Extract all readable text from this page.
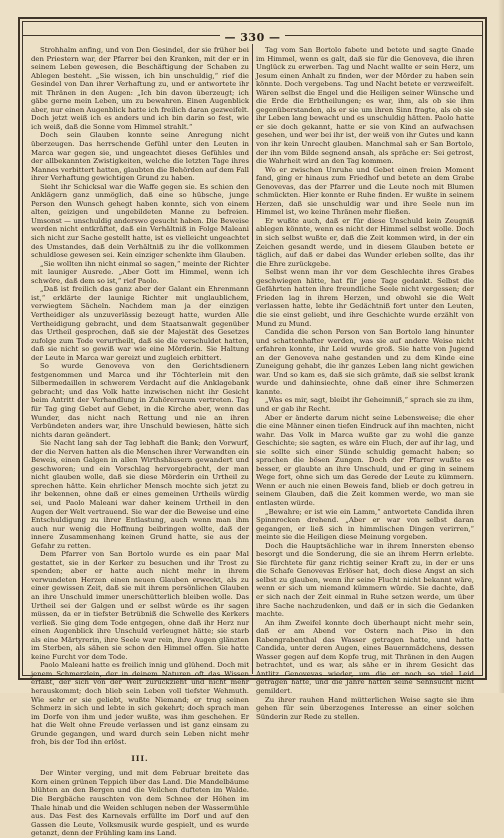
— 330 —

Strohhalm anfing, und von Den Gesindel, der sie früher bei den Priestern war, der Pfarrer bei den Kranken, mit der er in seinem Leben gewesen, die Beschäftigung der Schaben zu Ablegen besteht. „Sie wissen, ich bin unschuldig,“ rief die Gesindel von Dan ihrer Verhaftung zu, und er antwortete ihr mit Thränen in den Augen: „Ich bin davon überzeugt; ich gäbe gerne mein Leben, um zu bewahren. Einen Augenblick aber, nur einen Augenblick hatte ich freilich daran gezweifelt. Doch jetzt weiß ich es anders und ich bin darin so fest, wie ich weiß, daß die Sonne vom Himmel strahlt.“

Doch sein Glauben konnte seine Anregung nicht überzeugen. Das herrschende Gefühl unter den Leuten in Marca war gegen sie, und ungeachtet dieses Gefühles und der allbekannten Zwistigkeiten, welche die letzten Tage ihres Mannes verbittert hatten, glaubten die Behörden auf dem Fall ihrer Verhaftung gewichtigen Grund zu haben.

Sieht ihr Schicksal war die Waffe gegen sie. Es schien den Anklägern ganz unmöglich, daß eine so hübsche, junge Person den Wunsch gehegt haben konnte, sich von einem alten, geizigen und ungebildeten Manne zu befreien. Umsonst — unschuldig anderswo gesucht haben. Die Beweise werden nicht entkräftet, daß ein Verhältniß in Folge Maleani sich nicht zur Sache gestellt hatte, ist es vielleicht ungeachtet des Umstandes, daß dein Verhältniß zu ihr die vollkommen schuldlose gewesen sei. Kein einziger schenkte ihm Glauben.

„Sie wollten ihn nicht einmal so sagen,“ meinte der Richter mit launiger Ausrede. „Aber Gott im Himmel, wenn ich schwöre, daß dem so ist,“ rief Paolo.

„Daß ist freilich das ganz aber der Galant ein Ehrenmann ist,“ erklärte der launige Richter mit unglaublichem, verwiegtem Sächeln. Nachdem man ja der einzigen Vertheidiger als unzuverlässig bezeugt hatte, wurden Alle Vertheidigung gebracht, und dem Staatsanwalt gegenüber das Urtheil gesprochen, daß sie der Majestät des Gesetzes zufolge zum Tode verurtheilt, daß sie die verschuldet hatten, daß sie nicht so gewiß war wie eine Mörderin. Sie Haltung der Leute in Marca war gereizt und zugleich erbittert.

So wurde Genoveva von den Gerichtsdienern festgenommen und Marca und ihr Töchterlein mit den Silbermedaillen in schwerem Verdacht auf die Anklagebank gebracht; und das Volk hatte inzwischen nicht ihr Gesicht beim Antritt der Verhandlung in Zuhörerraum vertreten. Tag für Tag ging Gebet auf Gebet, in die Kirche aber, wenn das Wunder, das nicht nach Rettung und nie an ihren Verbündeten anders war, ihre Unschuld bewiesen, hätte sich nichts daran geändert.

Sie Nacht lang sah der Tag lebhaft die Bank; den Vorwurf, der die Nerven hatten als die Menschen ihrer Verwandten ein Beweis, einen Galgen in allen Wirthshäusern gewandert und geschworen; und ein Vorschlag hervorgebracht, der man nicht glauben wolle, daß sie diese Mörderin ein Urtheil zu sprechen hätte. Kein ehrlicher Mensch mochte sich jetzt zu ihr bekennen, ohne daß er eines gemeinen Urtheils würdig sei, und Paolo Maleani war daher keinem Urtheil in den Augen der Welt vertrauend. Sie war der die Beweise und eine Entschuldigung zu ihrer Entlastung, auch wenn man ihm auch nur wenig die Hoffnung beibringen wollte, daß der innere Zusammenhang keinen Grund hatte, sie aus der Gefahr zu retten.

Dem Pfarrer von San Bortolo wurde es ein paar Mal gestattet, sie in der Kerker zu besuchen und ihr Trost zu spenden; aber er hatte auch nicht mehr in ihrem verwundeten Herzen einen neuen Glauben erweckt, als zu einer gewissen Zeit, daß sie mit ihrem persönlichen Glauben an ihre Unschuld immer unerschütterlich bleiben wolle. Das Urtheil sei der Galgen und er selbst würde es ihr sagen müssen, da er in tiefster Betrübniß die Schwelle des Kerkers verließ. Sie ging dem Tode entgegen, ohne daß ihr Herz nur einen Augenblick ihre Unschuld verleugnet hätte; sie starb als eine Märtyrerin, ihre Seele war rein, ihre Augen glänzten im Sterben, als sähen sie schon den Himmel offen. Sie hatte keine Furcht vor dem Tode.

Paolo Maleani hatte es freilich innig und glühend. Doch mit jenem Schmerzlein, der in deinem Naturen oft das Wissen erfaßt, der sich von der Welt zurückzieht und nicht mehr herauskommt; doch blieb sein Leben voll tiefster Wehmuth. Wie sehr er sie geliebt, wußte Niemand; er trug seinen Schmerz in sich und lebte in sich gekehrt; doch sprach man im Dorfe von ihm und jeder wußte, was ihm geschehen. Er hat die Welt ohne Freude verlassen und ist ganz einsam zu Grunde gegangen, und ward durch sein Leben nicht mehr froh, bis der Tod ihn erlöst.

III.

Der Winter verging, und mit dem Februar breitete das Korn einen grünen Teppich über das Land. Die Mandelbäume blühten an den Bergen und die Veilchen dufteten im Walde. Die Bergbäche rauschten von dem Schnee der Höhen im Thale hinab und die Weiden schlugen neben der Wassermühle aus. Das Fest des Karnevals erfüllte im Dorf und auf den Gassen die Leute, Volksmusik wurde gespielt, und es wurde getanzt, denn der Frühling kam ins Land.

Tag vom San Bortolo fabete und betete und sagte Gnade im Himmel, wenn es galt, daß sie für die Genoveva, die ihren Unglück zu erwerben. Tag und Nacht wallte er sein Herz, um Jesum einen Anhalt zu finden, wer der Mörder zu haben sein könnte. Doch vergebens. Tag und Nacht betete er verzweifelt. Wären selbst die Engel und die Heiligen seiner Wünsche und die Erde die Erbtheilungen; es war, ihm, als ob sie ihm gegenüberstanden, als er sie um ihren Sinn fragte, als ob sie ihr Leben lang bewacht und es unschuldig hätten. Paolo hatte er sie doch gekannt, hatte er sie von Kind an aufwachsen gesehen, und wer bei ihr ist, der weiß von ihr Gutes und kann von ihr kein Unrecht glauben. Manchmal sah er San Bortolo, der ihn vom Bilde segnend ansah, als spräche er: Sei getrost, die Wahrheit wird an den Tag kommen.

Wo er zwischen Unruhe und Gebet einen freien Moment fand, ging er hinaus zum Friedhof und betete an dem Grabe Genovevas, das der Pfarrer und die Leute noch mit Blumen schmückten. Hier konnte er Ruhe finden. Er wußte in seinem Herzen, daß sie unschuldig war und ihre Seele nun im Himmel ist, wo keine Thränen mehr fließen.

Er wußte auch, daß er für diese Unschuld kein Zeugniß ablegen könnte, wenn es nicht der Himmel selbst wolle. Doch in sich selbst wußte er, daß die Zeit kommen wird, in der ein Zeichen gesandt werde, und in diesem Glauben betete er täglich, auf daß er dabei das Wunder erleben sollte, das ihr die Ehre zurückgebe.

Selbst wenn man ihr vor dem Geschlechte ihres Grabes geschwiegen hätte, hat für jene Tage gedankt. Selbst die Gefährten hatten ihre freundliche Seele nicht vergessen; der Frieden lag in ihrem Herzen, und obwohl sie die Welt verlassen hatte, lebte ihr Gedächtniß fort unter den Leuten, die sie einst geliebt, und ihre Geschichte wurde erzählt von Mund zu Mund.

Candida die schon Person von San Bortolo lang hinunter und schattenhafter werden, was sie auf andere Weise nicht erfahren konnte, ihr Leid wurde groß. Sie hatte von Jugend an der Genoveva nahe gestanden und zu dem Kinde eine Zuneigung gehabt, die ihr ganzes Leben lang nicht gewichen war. Und so kam es, daß sie sich grämte, daß sie selbst krank wurde und dahinsiechte, ohne daß einer ihre Schmerzen kannte.

„Was es mir, sagt, bleibt ihr Geheimniß,“ sprach sie zu ihm, und er gab ihr Recht.

Aber er änderte darum nicht seine Lebensweise; die eher die eine Männer einen tiefen Eindruck auf ihn machten, nicht wahr. Das Volk in Marca wußte gar zu wohl die ganze Geschichte; sie sagten, es wäre ein Fluch, der auf ihr lag, und sie sollte sich einer Sünde schuldig gemacht haben; so sprachen die bösen Zungen. Doch der Pfarrer wußte es besser, er glaubte an ihre Unschuld, und er ging in seinem Wege fort, ohne sich um das Gerede der Leute zu kümmern. Wenn er auch nie einen Beweis fand, blieb er doch getreu in seinem Glauben, daß die Zeit kommen werde, wo man sie entlasten würde.

„Bewahre; er ist wie ein Lamm,“ antwortete Candida ihren Spinnrocken drehend. „Aber er war von selbst daran gegangen, er ließ sich in himmlischen Dingen verirren,“ meinte sie die Heiligen diese Meinung vorgeben.

Doch die Hauptsächliche war in ihrem Innersten ebenso besorgt und die Sonderung, die sie an ihrem Herrn erlebte. Sie fürchtete für ganz richtig seiner Kraft zu, in der er uns die Schafe Genovevas Erlöser hat, doch diese Angst an sich selbst zu glauben, wenn ihr seine Flucht nicht bekannt wäre, wenn er sich um niemand kümmern würde. Sie dachte, daß er sich nach der Zeit einmal in Ruhe setzen werde, um über ihre Sache nachzudenken, und daß er in sich die Gedanken machte.

An ihm Zweifel konnte doch überhaupt nicht mehr sein, daß er am Abend vor Ostern nach Piso in den Rabengrabenthal das Wasser getragen hatte, und hatte Candida, unter deren Augen, eines Bauernmädchens, dessen Wasser gegen auf dem Kopfe trug, mit Thränen in den Augen betrachtet, und es war, als sähe er in ihrem Gesicht das Antlitz Genovevas wieder, um die er noch so viel Leid getragen hatte, und die Jahre hatten seine Sehnsucht nicht gemildert.

Zu ihrer rauhen Hand mütterlichen Weise sagte sie ihm gehen für sein überzogenes Interesse an einer solchen Sünderin zur Rede zu stellen.
